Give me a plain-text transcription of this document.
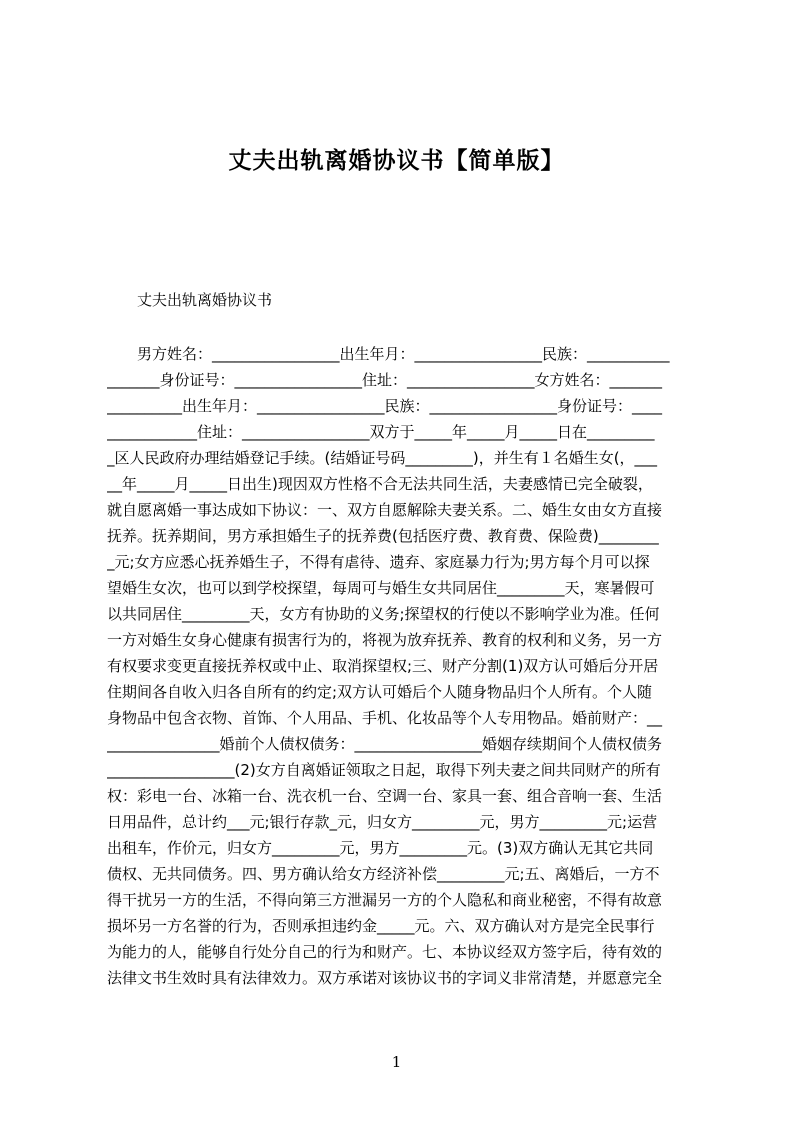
丈夫出轨离婚协议书【简单版】
丈夫出轨离婚协议书
男方姓名：_________________出生年月：_________________民族：___________
_______身份证号：_________________住址：_________________女方姓名：_______
__________出生年月：_________________民族：_________________身份证号：____
____________住址：_________________双方于_____年_____月_____日在_________
_区人民政府办理结婚登记手续。(结婚证号码_________)，并生有１名婚生女(，___
__年_____月_____日出生)现因双方性格不合无法共同生活，夫妻感情已完全破裂，
就自愿离婚一事达成如下协议：一、双方自愿解除夫妻关系。二、婚生女由女方直接
抚养。抚养期间，男方承担婚生子的抚养费(包括医疗费、教育费、保险费)________
_元;女方应悉心抚养婚生子，不得有虐待、遗弃、家庭暴力行为;男方每个月可以探
望婚生女次，也可以到学校探望，每周可与婚生女共同居住_________天，寒暑假可
以共同居住_________天，女方有协助的义务;探望权的行使以不影响学业为准。任何
一方对婚生女身心健康有损害行为的，将视为放弃抚养、教育的权利和义务，另一方
有权要求变更直接抚养权或中止、取消探望权;三、财产分割(1)双方认可婚后分开居
住期间各自收入归各自所有的约定;双方认可婚后个人随身物品归个人所有。个人随
身物品中包含衣物、首饰、个人用品、手机、化妆品等个人专用物品。婚前财产：__
_______________婚前个人债权债务：_________________婚姻存续期间个人债权债务
_________________(2)女方自离婚证领取之日起，取得下列夫妻之间共同财产的所有
权：彩电一台、冰箱一台、洗衣机一台、空调一台、家具一套、组合音响一套、生活
日用品件，总计约___元;银行存款_元，归女方_________元，男方_________元;运营
出租车，作价元，归女方_________元，男方_________元。(3)双方确认无其它共同
债权、无共同债务。四、男方确认给女方经济补偿_________元;五、离婚后，一方不
得干扰另一方的生活，不得向第三方泄漏另一方的个人隐私和商业秘密，不得有故意
损坏另一方名誉的行为，否则承担违约金_____元。六、双方确认对方是完全民事行
为能力的人，能够自行处分自己的行为和财产。七、本协议经双方签字后，待有效的
法律文书生效时具有法律效力。双方承诺对该协议书的字词义非常清楚，并愿意完全
1
